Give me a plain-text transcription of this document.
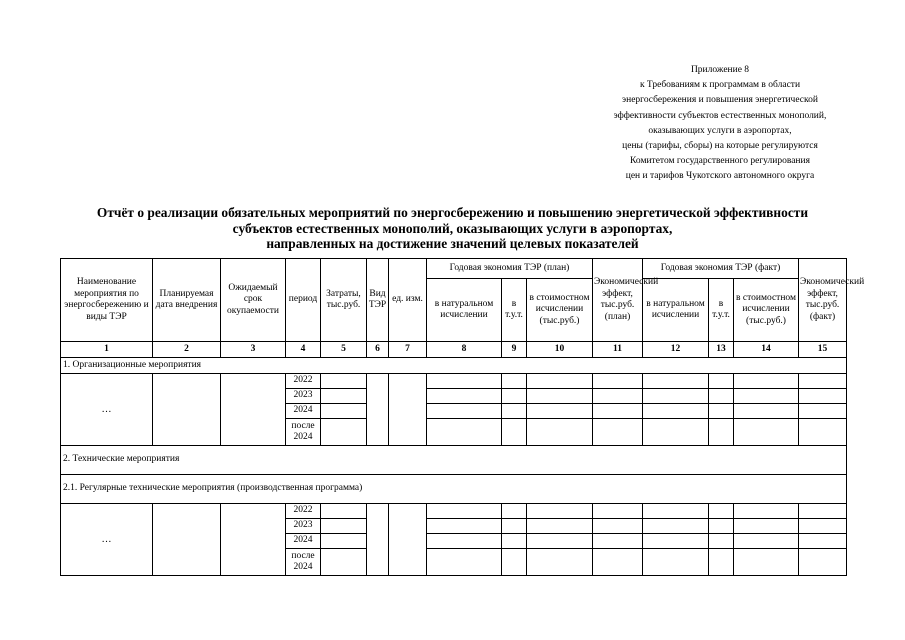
Приложение 8
к Требованиям к программам в области
энергосбережения и повышения энергетической
эффективности субъектов естественных монополий,
оказывающих услуги в аэропортах,
цены (тарифы, сборы) на которые регулируются
Комитетом государственного регулирования
цен и тарифов Чукотского автономного округа
Отчёт о реализации обязательных мероприятий по энергосбережению и повышению энергетической эффективности
субъектов естественных монополий, оказывающих услуги в аэропортах,
направленных на достижение значений целевых показателей
Наименование мероприятия по энергосбережению и виды ТЭР	Планируемая дата внедрения	Ожидаемый срок окупаемости	период	Затраты, тыс.руб.	Вид ТЭР	ед. изм.	Годовая экономия ТЭР (план)			Экономический эффект, тыс.руб. (план)	Годовая экономия ТЭР (факт)			Экономический эффект, тыс.руб. (факт)
							в натуральном исчислении	в т.у.т.	в стоимостном исчислении (тыс.руб.)		в натуральном исчислении	в т.у.т.	в стоимостном исчислении (тыс.руб.)	
1	2	3	4	5	6	7	8	9	10	11	12	13	14	15
1. Организационные мероприятия														
…			2022											
			2023											
			2024											
			после 2024											
2. Технические мероприятия														
2.1. Регулярные технические мероприятия (производственная программа)														
…			2022											
			2023											
			2024											
			после 2024											
